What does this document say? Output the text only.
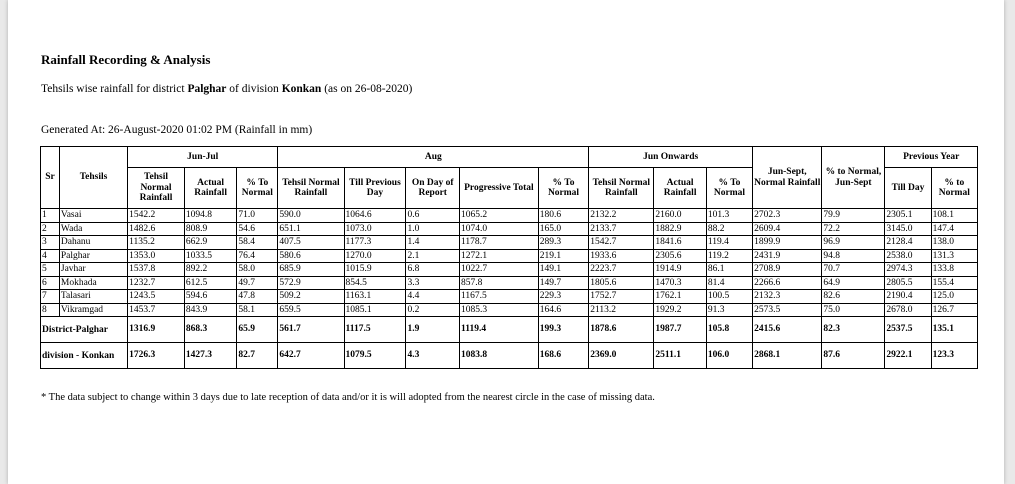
Rainfall Recording & Analysis
Tehsils wise rainfall for district Palghar of division Konkan (as on 26-08-2020)
Generated At: 26-August-2020 01:02 PM (Rainfall in mm)
Sr	Tehsils	Jun-Jul			Aug					Jun Onwards			Jun-Sept, Normal Rainfall	% to Normal, Jun-Sept	Previous Year	
		Tehsil Normal Rainfall	Actual Rainfall	% To Normal	Tehsil Normal Rainfall	Till Previous Day	On Day of Report	Progressive Total	% To Normal	Tehsil Normal Rainfall	Actual Rainfall	% To Normal			Till Day	% to Normal
1	Vasai	1542.2	1094.8	71.0	590.0	1064.6	0.6	1065.2	180.6	2132.2	2160.0	101.3	2702.3	79.9	2305.1	108.1
2	Wada	1482.6	808.9	54.6	651.1	1073.0	1.0	1074.0	165.0	2133.7	1882.9	88.2	2609.4	72.2	3145.0	147.4
3	Dahanu	1135.2	662.9	58.4	407.5	1177.3	1.4	1178.7	289.3	1542.7	1841.6	119.4	1899.9	96.9	2128.4	138.0
4	Palghar	1353.0	1033.5	76.4	580.6	1270.0	2.1	1272.1	219.1	1933.6	2305.6	119.2	2431.9	94.8	2538.0	131.3
5	Javhar	1537.8	892.2	58.0	685.9	1015.9	6.8	1022.7	149.1	2223.7	1914.9	86.1	2708.9	70.7	2974.3	133.8
6	Mokhada	1232.7	612.5	49.7	572.9	854.5	3.3	857.8	149.7	1805.6	1470.3	81.4	2266.6	64.9	2805.5	155.4
7	Talasari	1243.5	594.6	47.8	509.2	1163.1	4.4	1167.5	229.3	1752.7	1762.1	100.5	2132.3	82.6	2190.4	125.0
8	Vikramgad	1453.7	843.9	58.1	659.5	1085.1	0.2	1085.3	164.6	2113.2	1929.2	91.3	2573.5	75.0	2678.0	126.7
District-Palghar		1316.9	868.3	65.9	561.7	1117.5	1.9	1119.4	199.3	1878.6	1987.7	105.8	2415.6	82.3	2537.5	135.1
division - Konkan		1726.3	1427.3	82.7	642.7	1079.5	4.3	1083.8	168.6	2369.0	2511.1	106.0	2868.1	87.6	2922.1	123.3
* The data subject to change within 3 days due to late reception of data and/or it is will adopted from the nearest circle in the case of missing data.
